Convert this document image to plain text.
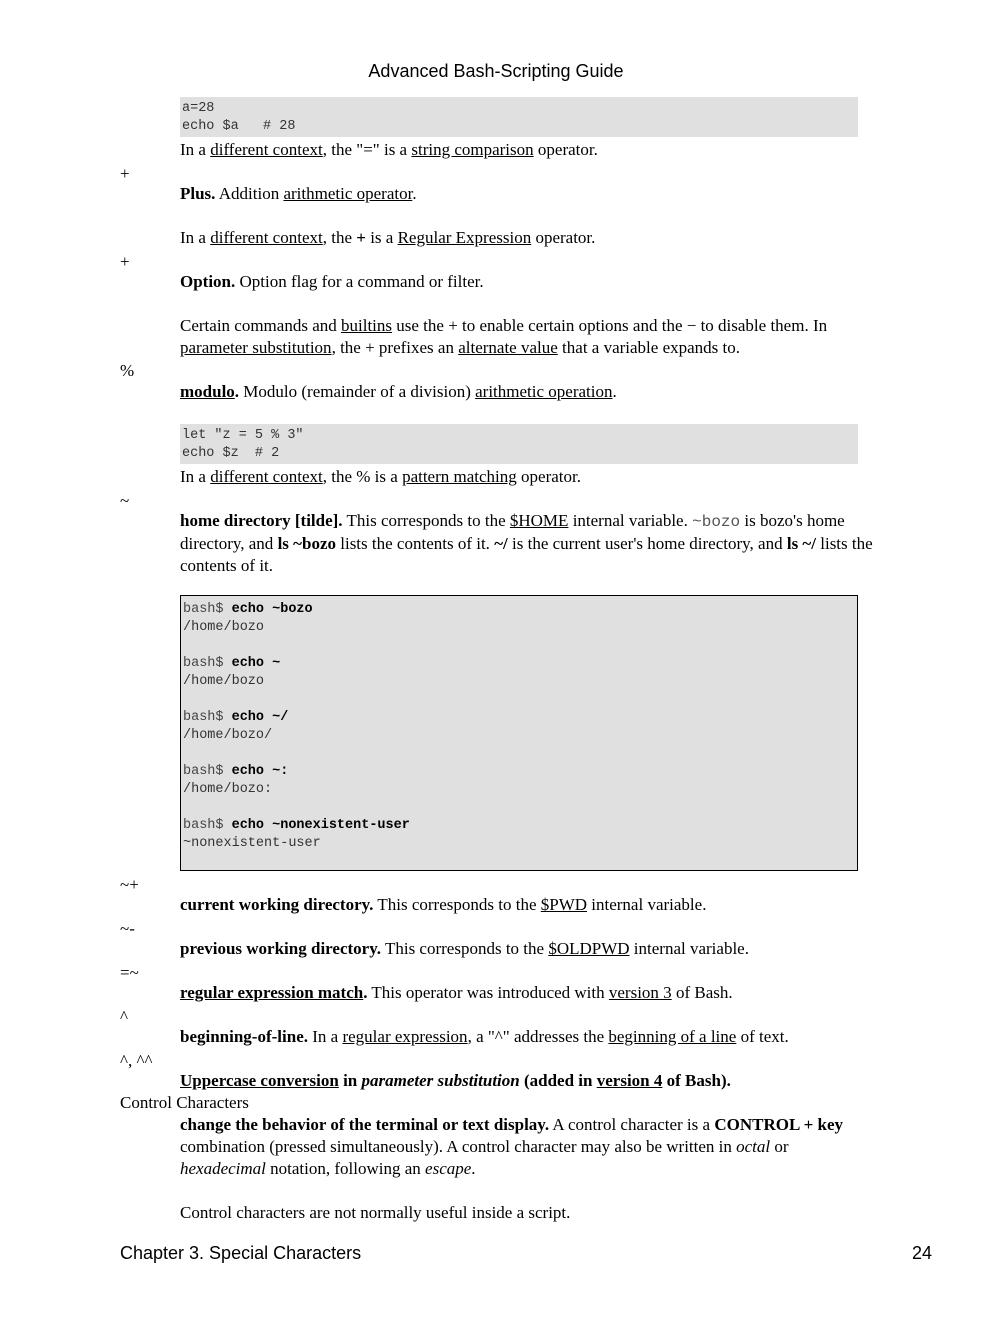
Advanced Bash-Scripting Guide
a=28
echo $a   # 28
In a different context, the "=" is a string comparison operator.
+
Plus. Addition arithmetic operator.
In a different context, the + is a Regular Expression operator.
+
Option. Option flag for a command or filter.
Certain commands and builtins use the + to enable certain options and the − to disable them. In
parameter substitution, the + prefixes an alternate value that a variable expands to.
%
modulo. Modulo (remainder of a division) arithmetic operation.
let "z = 5 % 3"
echo $z  # 2
In a different context, the % is a pattern matching operator.
~
home directory [tilde]. This corresponds to the $HOME internal variable. ~bozo is bozo's home
directory, and ls ~bozo lists the contents of it. ~/ is the current user's home directory, and ls ~/ lists the
contents of it.
bash$ echo ~bozo
/home/bozo
bash$ echo ~
/home/bozo
bash$ echo ~/
/home/bozo/
bash$ echo ~:
/home/bozo:
bash$ echo ~nonexistent-user
~nonexistent-user
~+
current working directory. This corresponds to the $PWD internal variable.
~-
previous working directory. This corresponds to the $OLDPWD internal variable.
=~
regular expression match. This operator was introduced with version 3 of Bash.
^
beginning-of-line. In a regular expression, a "^" addresses the beginning of a line of text.
^, ^^
Uppercase conversion in parameter substitution (added in version 4 of Bash).
Control Characters
change the behavior of the terminal or text display. A control character is a CONTROL + key
combination (pressed simultaneously). A control character may also be written in octal or
hexadecimal notation, following an escape.
Control characters are not normally useful inside a script.
Chapter 3. Special Characters	24
